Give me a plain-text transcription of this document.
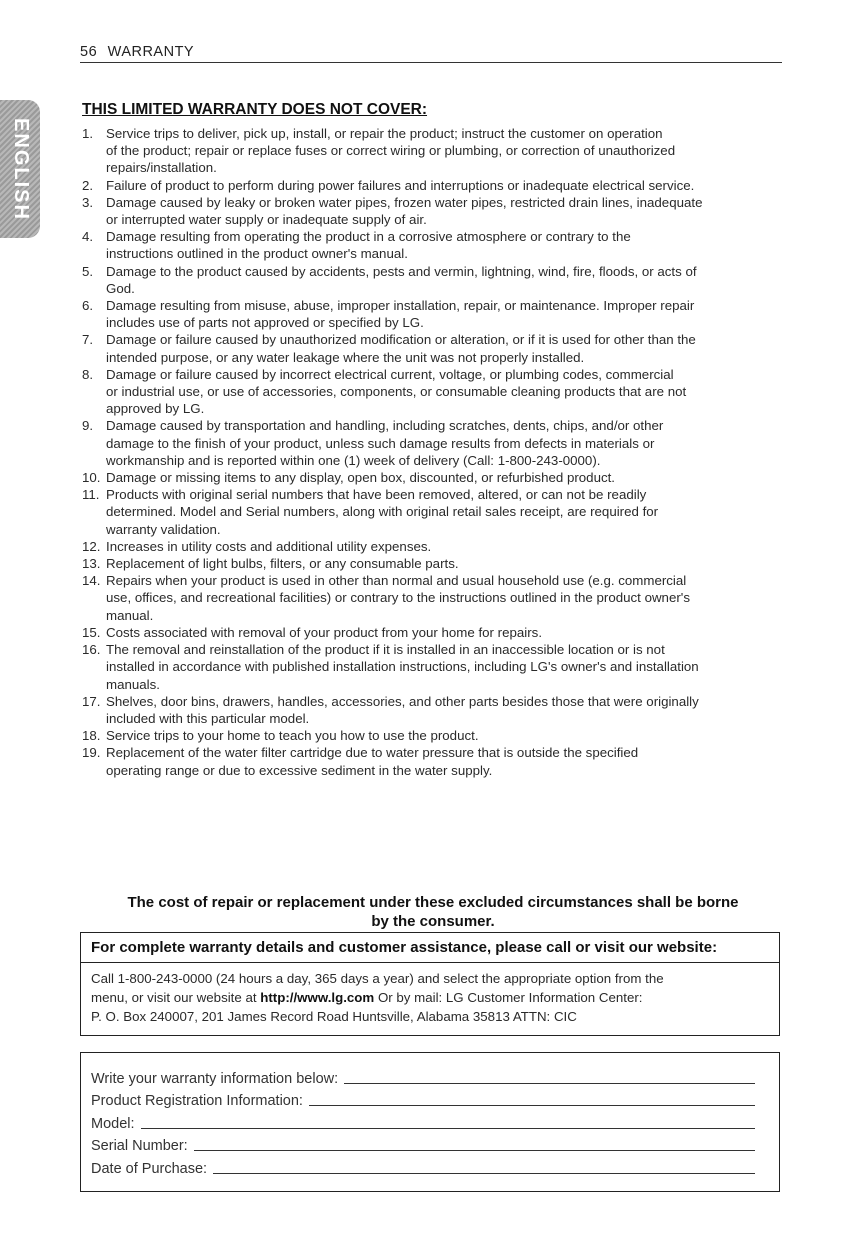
56 WARRANTY
ENGLISH
THIS LIMITED WARRANTY DOES NOT COVER:
1. Service trips to deliver, pick up, install, or repair the product; instruct the customer on operation
of the product; repair or replace fuses or correct wiring or plumbing, or correction of unauthorized
repairs/installation.
2. Failure of product to perform during power failures and interruptions or inadequate electrical service.
3. Damage caused by leaky or broken water pipes, frozen water pipes, restricted drain lines, inadequate
or interrupted water supply or inadequate supply of air.
4. Damage resulting from operating the product in a corrosive atmosphere or contrary to the
instructions outlined in the product owner's manual.
5. Damage to the product caused by accidents, pests and vermin, lightning, wind, fire, floods, or acts of
God.
6. Damage resulting from misuse, abuse, improper installation, repair, or maintenance. Improper repair
includes use of parts not approved or specified by LG.
7. Damage or failure caused by unauthorized modification or alteration, or if it is used for other than the
intended purpose, or any water leakage where the unit was not properly installed.
8. Damage or failure caused by incorrect electrical current, voltage, or plumbing codes, commercial
or industrial use, or use of accessories, components, or consumable cleaning products that are not
approved by LG.
9. Damage caused by transportation and handling, including scratches, dents, chips, and/or other
damage to the finish of your product, unless such damage results from defects in materials or
workmanship and is reported within one (1) week of delivery (Call: 1-800-243-0000).
10. Damage or missing items to any display, open box, discounted, or refurbished product.
11. Products with original serial numbers that have been removed, altered, or can not be readily
determined. Model and Serial numbers, along with original retail sales receipt, are required for
warranty validation.
12. Increases in utility costs and additional utility expenses.
13. Replacement of light bulbs, filters, or any consumable parts.
14. Repairs when your product is used in other than normal and usual household use (e.g. commercial
use, offices, and recreational facilities) or contrary to the instructions outlined in the product owner's
manual.
15. Costs associated with removal of your product from your home for repairs.
16. The removal and reinstallation of the product if it is installed in an inaccessible location or is not
installed in accordance with published installation instructions, including LG's owner's and installation
manuals.
17. Shelves, door bins, drawers, handles, accessories, and other parts besides those that were originally
included with this particular model.
18. Service trips to your home to teach you how to use the product.
19. Replacement of the water filter cartridge due to water pressure that is outside the specified
operating range or due to excessive sediment in the water supply.
The cost of repair or replacement under these excluded circumstances shall be borne
by the consumer.
For complete warranty details and customer assistance, please call or visit our website:
Call 1-800-243-0000 (24 hours a day, 365 days a year) and select the appropriate option from the
menu, or visit our website at http://www.lg.com Or by mail: LG Customer Information Center:
P. O. Box 240007, 201 James Record Road Huntsville, Alabama 35813 ATTN: CIC
Write your warranty information below:
Product Registration Information:
Model:
Serial Number:
Date of Purchase:
